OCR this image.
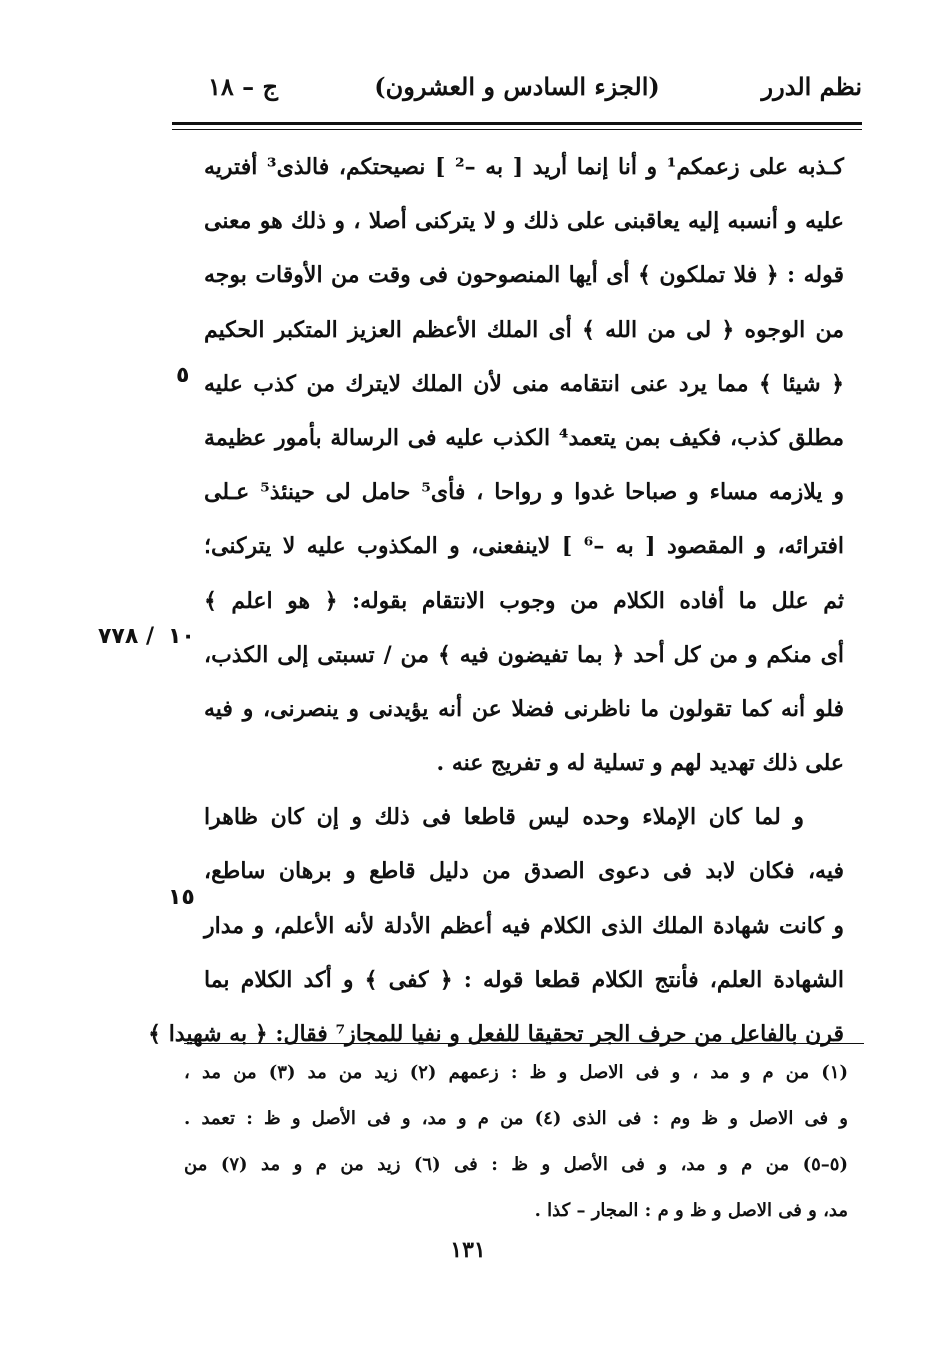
نظم الدرر
(الجزء السادس و العشرون)
ج – ١٨
كـذبه على زعمكم¹ و أنا إنما أريد [ به –² ] نصيحتكم، فالذى³ أفتريه
عليه و أنسبه إليه يعاقبنى على ذلك و لا يتركنى أصلا ، و ذلك هو معنى
قوله : ﴿ فلا تملكون ﴾ أى أيها المنصوحون فى وقت من الأوقات بوجه
من الوجوه ﴿ لى من الله ﴾ أى الملك الأعظم العزيز المتكبر الحكيم
﴿ شيئا ﴾ مما يرد عنى انتقامه منى لأن الملك لايترك من كذب عليه
مطلق كذب، فكيف بمن يتعمد⁴ الكذب عليه فى الرسالة بأمور عظيمة
و يلازمه مساء و صباحا غدوا و رواحا ، فأى⁵ حامل لى حينئذ⁵ عـلى
افترائه، و المقصود [ به –⁶ ] لاينفعنى، و المكذوب عليه لا يتركنى؛
ثم علل ما أفاده الكلام من وجوب الانتقام بقوله: ﴿ هو اعلم ﴾
أى منكم و من كل أحد ﴿ بما تفيضون فيه ﴾ من / تسبتى إلى الكذب،
فلو أنه كما تقولون ما ناظرنى فضلا عن أنه يؤيدنى و ينصرنى، و فيه
على ذلك تهديد لهم و تسلية له و تفريج عنه .
و لما كان الإملاء وحده ليس قاطعا فى ذلك و إن كان ظاهرا
فيه، فكان لابد فى دعوى الصدق من دليل قاطع و برهان ساطع،
و كانت شهادة الملك الذى الكلام فيه أعظم الأدلة لأنه الأعلم، و مدار
الشهادة العلم، فأنتج الكلام قطعا قوله : ﴿ كفى ﴾ و أكد الكلام بما
قرن بالفاعل من حرف الجر تحقيقا للفعل و نفيا للمجاز⁷ فقال: ﴿ به شهيدا ﴾
٥
١٠
٧٧٨ /
١٥
(١) من م و مد ، و فى الاصل و ظ : زعمهم (٢) زيد من مد (٣) من مد ،
و فى الاصل و ظ وم : فى الذى (٤) من م و مد، و فى الأصل و ظ : تعمد .
(٥–٥) من م و مد، و فى الأصل و ظ : فى (٦) زيد من م و مد (٧) من
مد، و فى الاصل و ظ و م : المجار – كذا .
١٣١
